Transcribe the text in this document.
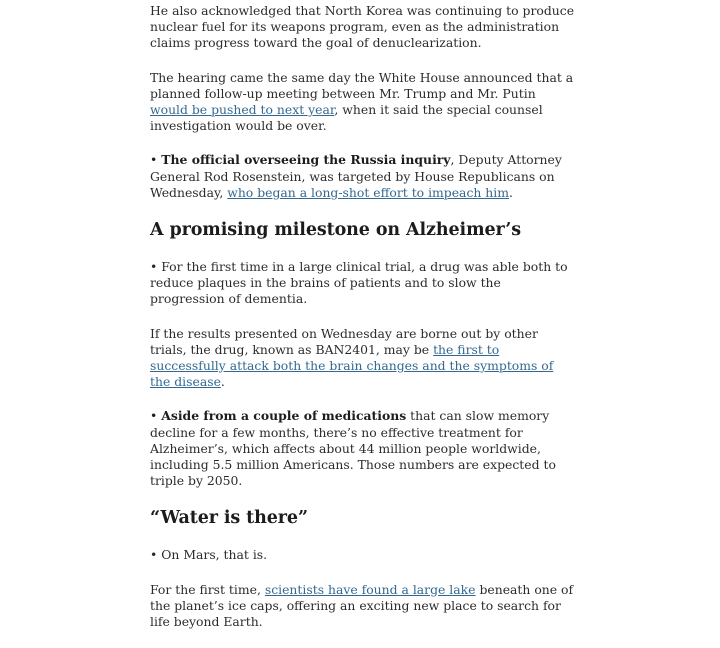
He also acknowledged that North Korea was continuing to produce nuclear fuel for its weapons program, even as the administration claims progress toward the goal of denuclearization.

The hearing came the same day the White House announced that a planned follow-up meeting between Mr. Trump and Mr. Putin would be pushed to next year, when it said the special counsel investigation would be over.

• The official overseeing the Russia inquiry, Deputy Attorney General Rod Rosenstein, was targeted by House Republicans on Wednesday, who began a long-shot effort to impeach him.

A promising milestone on Alzheimer’s

• For the first time in a large clinical trial, a drug was able both to reduce plaques in the brains of patients and to slow the progression of dementia.

If the results presented on Wednesday are borne out by other trials, the drug, known as BAN2401, may be the first to successfully attack both the brain changes and the symptoms of the disease.

• Aside from a couple of medications that can slow memory decline for a few months, there’s no effective treatment for Alzheimer’s, which affects about 44 million people worldwide, including 5.5 million Americans. Those numbers are expected to triple by 2050.

“Water is there”

• On Mars, that is.

For the first time, scientists have found a large lake beneath one of the planet’s ice caps, offering an exciting new place to search for life beyond Earth.
